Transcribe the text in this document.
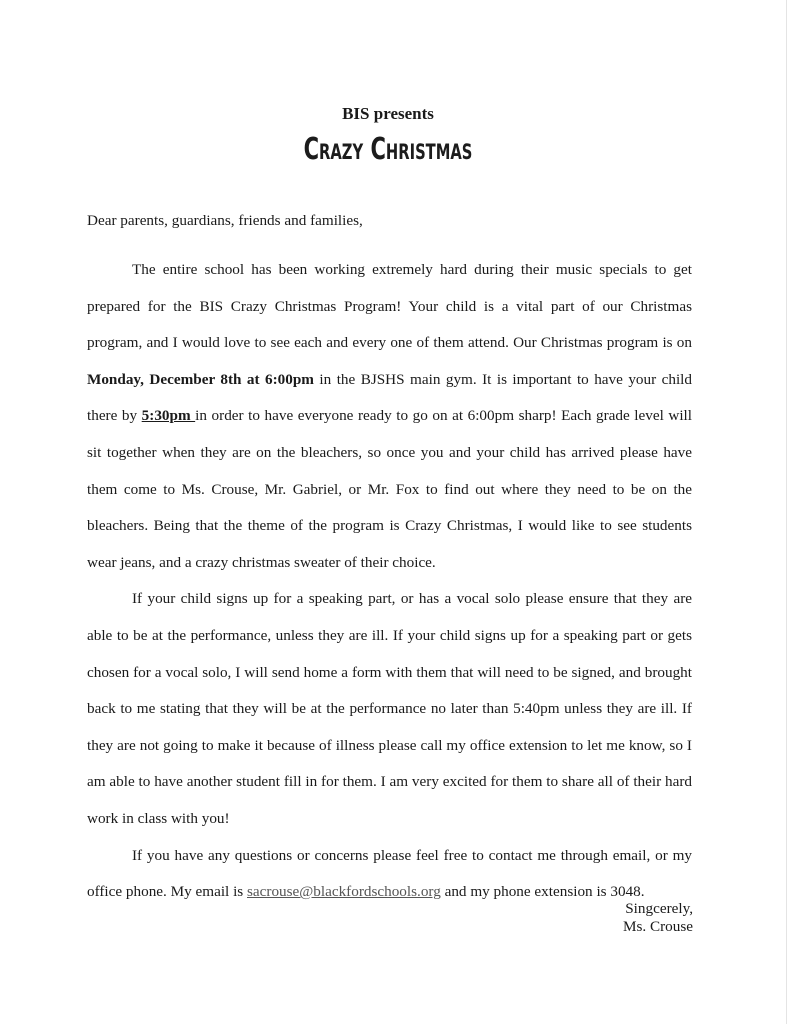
BIS presents
Crazy Christmas

Dear parents, guardians, friends and families,

The entire school has been working extremely hard during their music specials to get prepared for the BIS Crazy Christmas Program! Your child is a vital part of our Christmas program, and I would love to see each and every one of them attend. Our Christmas program is on Monday, December 8th at 6:00pm in the BJSHS main gym. It is important to have your child there by 5:30pm in order to have everyone ready to go on at 6:00pm sharp! Each grade level will sit together when they are on the bleachers, so once you and your child has arrived please have them come to Ms. Crouse, Mr. Gabriel, or Mr. Fox to find out where they need to be on the bleachers. Being that the theme of the program is Crazy Christmas, I would like to see students wear jeans, and a crazy christmas sweater of their choice.

If your child signs up for a speaking part, or has a vocal solo please ensure that they are able to be at the performance, unless they are ill. If your child signs up for a speaking part or gets chosen for a vocal solo, I will send home a form with them that will need to be signed, and brought back to me stating that they will be at the performance no later than 5:40pm unless they are ill. If they are not going to make it because of illness please call my office extension to let me know, so I am able to have another student fill in for them. I am very excited for them to share all of their hard work in class with you!

If you have any questions or concerns please feel free to contact me through email, or my office phone. My email is sacrouse@blackfordschools.org and my phone extension is 3048.

Singcerely,
Ms. Crouse
